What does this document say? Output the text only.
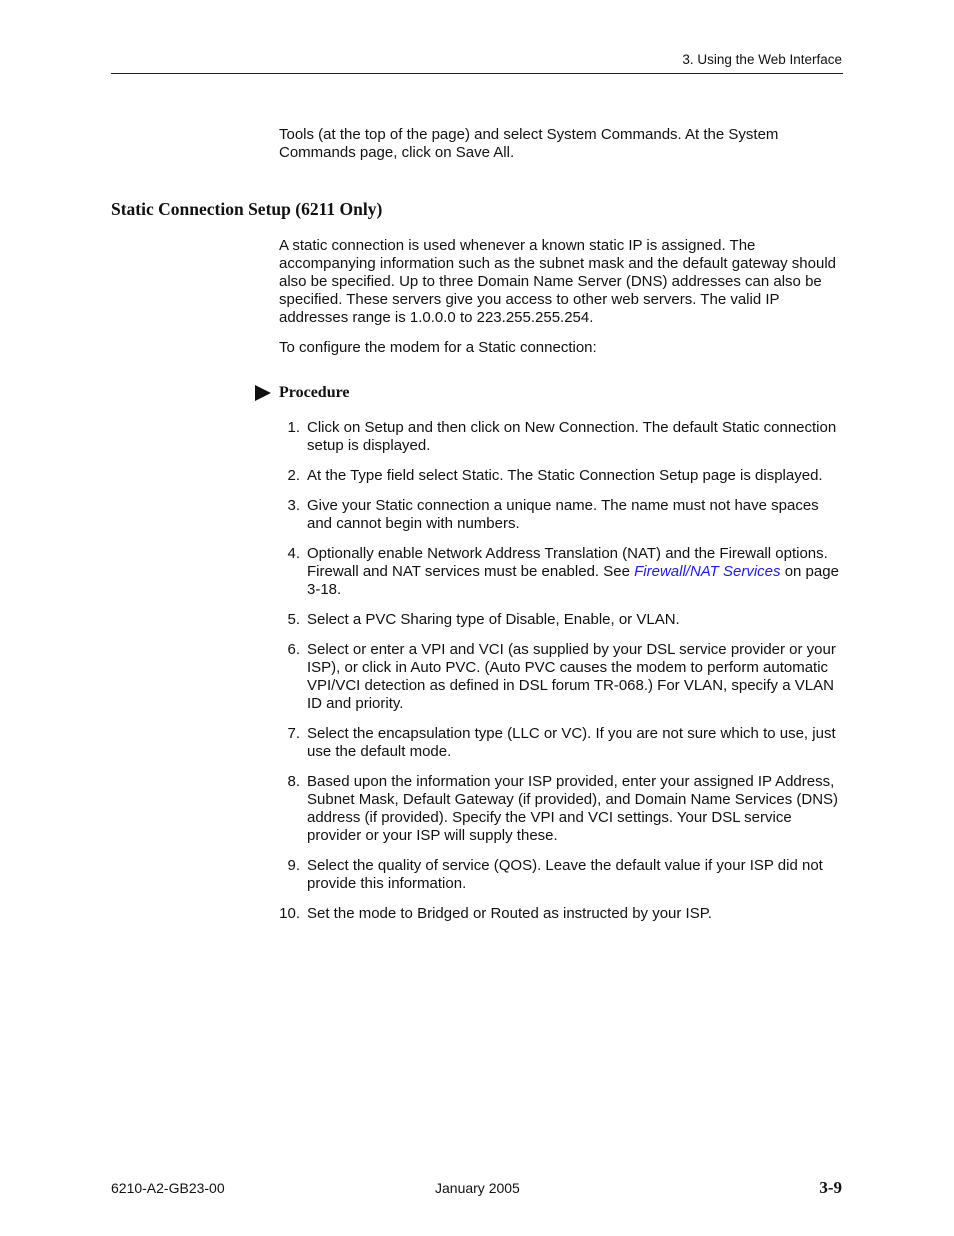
3. Using the Web Interface
Tools (at the top of the page) and select System Commands. At the System Commands page, click on Save All.
Static Connection Setup (6211 Only)
A static connection is used whenever a known static IP is assigned. The accompanying information such as the subnet mask and the default gateway should also be specified. Up to three Domain Name Server (DNS) addresses can also be specified. These servers give you access to other web servers. The valid IP addresses range is 1.0.0.0 to 223.255.255.254.
To configure the modem for a Static connection:
Procedure
1. Click on Setup and then click on New Connection. The default Static connection setup is displayed.
2. At the Type field select Static. The Static Connection Setup page is displayed.
3. Give your Static connection a unique name. The name must not have spaces and cannot begin with numbers.
4. Optionally enable Network Address Translation (NAT) and the Firewall options. Firewall and NAT services must be enabled. See Firewall/NAT Services on page 3-18.
5. Select a PVC Sharing type of Disable, Enable, or VLAN.
6. Select or enter a VPI and VCI (as supplied by your DSL service provider or your ISP), or click in Auto PVC. (Auto PVC causes the modem to perform automatic VPI/VCI detection as defined in DSL forum TR-068.) For VLAN, specify a VLAN ID and priority.
7. Select the encapsulation type (LLC or VC). If you are not sure which to use, just use the default mode.
8. Based upon the information your ISP provided, enter your assigned IP Address, Subnet Mask, Default Gateway (if provided), and Domain Name Services (DNS) address (if provided). Specify the VPI and VCI settings. Your DSL service provider or your ISP will supply these.
9. Select the quality of service (QOS). Leave the default value if your ISP did not provide this information.
10. Set the mode to Bridged or Routed as instructed by your ISP.
6210-A2-GB23-00	January 2005	3-9
